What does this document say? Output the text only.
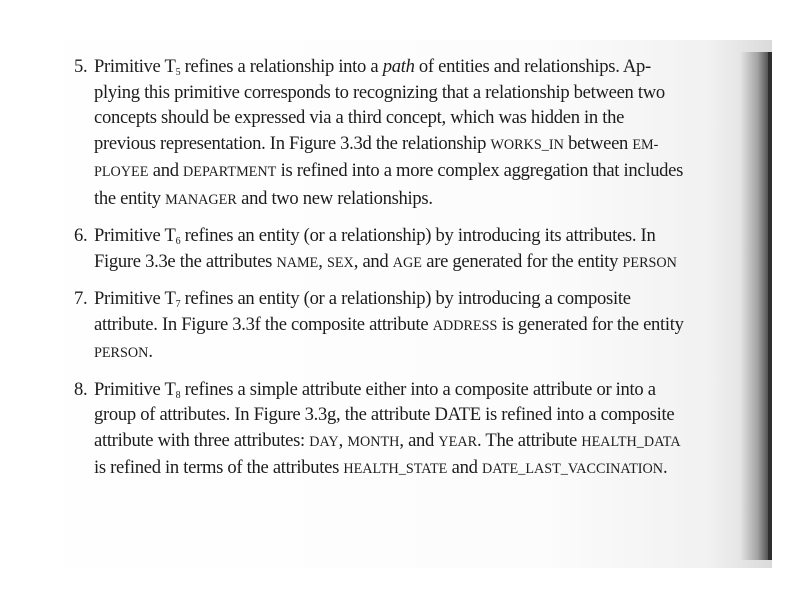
5. Primitive $T_5$ refines a relationship into a path of entities and relationships. Ap-
plying this primitive corresponds to recognizing that a relationship between two
concepts should be expressed via a third concept, which was hidden in the
previous representation. In Figure 3.3d the relationship WORKS_IN between EM-
PLOYEE and DEPARTMENT is refined into a more complex aggregation that includes
the entity MANAGER and two new relationships.
6. Primitive $T_6$ refines an entity (or a relationship) by introducing its attributes. In
Figure 3.3e the attributes NAME, SEX, and AGE are generated for the entity PERSON
7. Primitive $T_7$ refines an entity (or a relationship) by introducing a composite
attribute. In Figure 3.3f the composite attribute ADDRESS is generated for the entity
PERSON.
8. Primitive $T_8$ refines a simple attribute either into a composite attribute or into a
group of attributes. In Figure 3.3g, the attribute DATE is refined into a composite
attribute with three attributes: DAY, MONTH, and YEAR. The attribute HEALTH_DATA
is refined in terms of the attributes HEALTH_STATE and DATE_LAST_VACCINATION.
